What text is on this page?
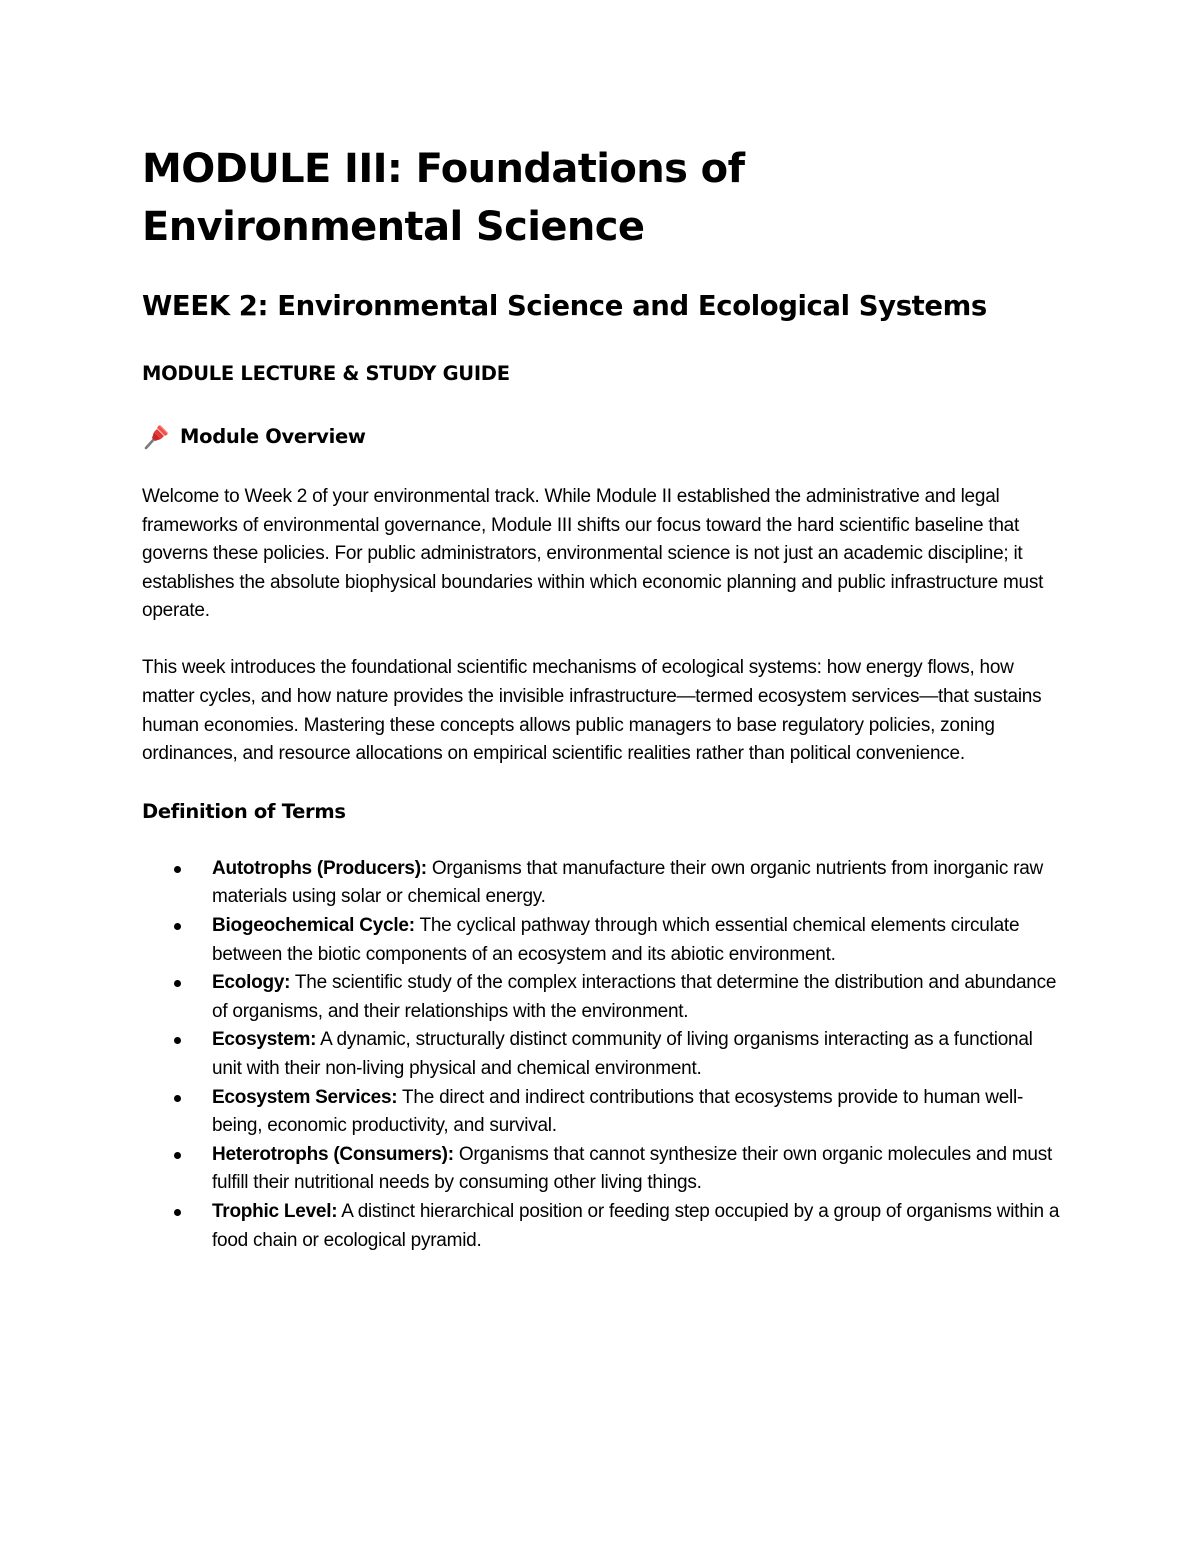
MODULE III: Foundations of Environmental Science
WEEK 2: Environmental Science and Ecological Systems
MODULE LECTURE & STUDY GUIDE
Module Overview

Welcome to Week 2 of your environmental track. While Module II established the administrative and legal frameworks of environmental governance, Module III shifts our focus toward the hard scientific baseline that governs these policies. For public administrators, environmental science is not just an academic discipline; it establishes the absolute biophysical boundaries within which economic planning and public infrastructure must operate.

This week introduces the foundational scientific mechanisms of ecological systems: how energy flows, how matter cycles, and how nature provides the invisible infrastructure—termed ecosystem services—that sustains human economies. Mastering these concepts allows public managers to base regulatory policies, zoning ordinances, and resource allocations on empirical scientific realities rather than political convenience.

Definition of Terms
Autotrophs (Producers): Organisms that manufacture their own organic nutrients from inorganic raw materials using solar or chemical energy.
Biogeochemical Cycle: The cyclical pathway through which essential chemical elements circulate between the biotic components of an ecosystem and its abiotic environment.
Ecology: The scientific study of the complex interactions that determine the distribution and abundance of organisms, and their relationships with the environment.
Ecosystem: A dynamic, structurally distinct community of living organisms interacting as a functional unit with their non-living physical and chemical environment.
Ecosystem Services: The direct and indirect contributions that ecosystems provide to human well-being, economic productivity, and survival.
Heterotrophs (Consumers): Organisms that cannot synthesize their own organic molecules and must fulfill their nutritional needs by consuming other living things.
Trophic Level: A distinct hierarchical position or feeding step occupied by a group of organisms within a food chain or ecological pyramid.
